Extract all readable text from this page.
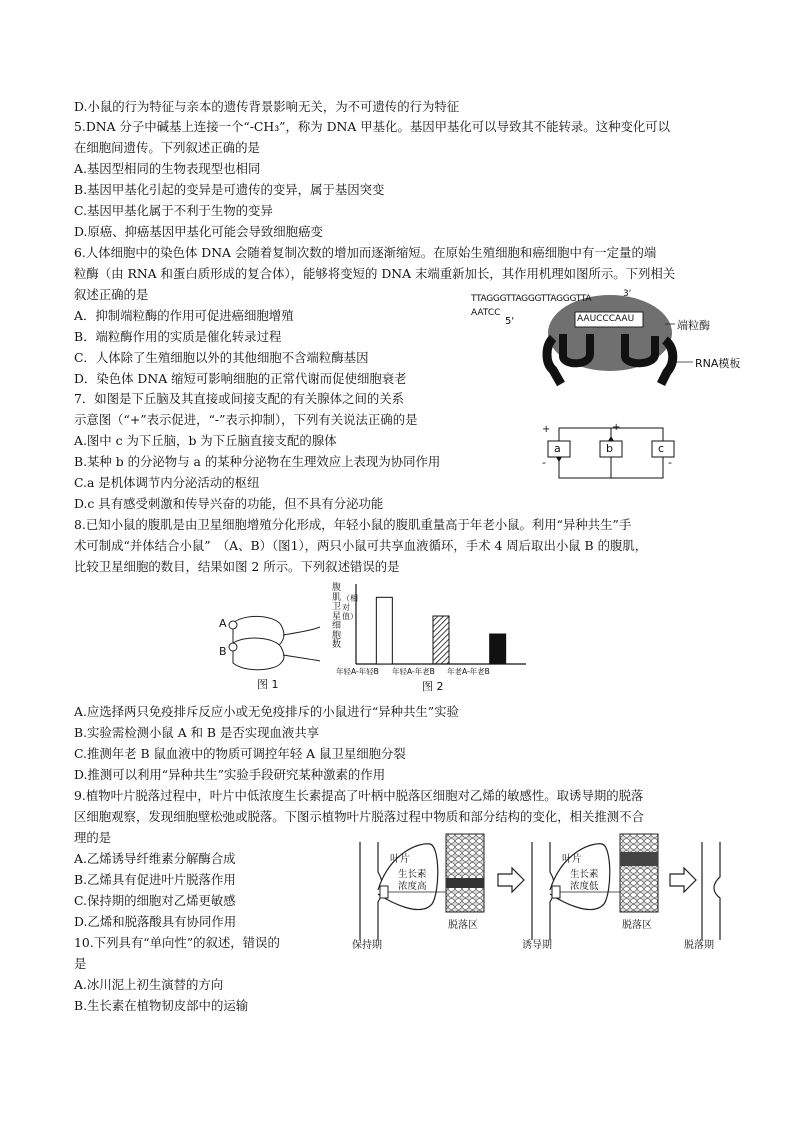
D.小鼠的行为特征与亲本的遗传背景影响无关，为不可遗传的行为特征
5.DNA 分子中碱基上连接一个“-CH₃”，称为 DNA 甲基化。基因甲基化可以导致其不能转录。这种变化可以
在细胞间遗传。下列叙述正确的是
A.基因型相同的生物表现型也相同
B.基因甲基化引起的变异是可遗传的变异，属于基因突变
C.基因甲基化属于不利于生物的变异
D.原癌、抑癌基因甲基化可能会导致细胞癌变
6.人体细胞中的染色体 DNA 会随着复制次数的增加而逐渐缩短。在原始生殖细胞和癌细胞中有一定量的端
粒酶（由 RNA 和蛋白质形成的复合体），能够将变短的 DNA 末端重新加长，其作用机理如图所示。下列相关
叙述正确的是
A．抑制端粒酶的作用可促进癌细胞增殖
B．端粒酶作用的实质是催化转录过程
C．人体除了生殖细胞以外的其他细胞不含端粒酶基因
D．染色体 DNA 缩短可影响细胞的正常代谢而促使细胞衰老
7．如图是下丘脑及其直接或间接支配的有关腺体之间的关系
示意图（“+”表示促进，“-”表示抑制），下列有关说法正确的是
A.图中 c 为下丘脑，b 为下丘脑直接支配的腺体
B.某种 b 的分泌物与 a 的某种分泌物在生理效应上表现为协同作用
C.a 是机体调节内分泌活动的枢纽
D.c 具有感受刺激和传导兴奋的功能，但不具有分泌功能
8.已知小鼠的腹肌是由卫星细胞增殖分化形成，年轻小鼠的腹肌重量高于年老小鼠。利用“异种共生”手
术可制成“并体结合小鼠”　（A、B）（图1），两只小鼠可共享血液循环，手术 4 周后取出小鼠 B 的腹肌，
比较卫星细胞的数目，结果如图 2 所示。下列叙述错误的是
A.应选择两只免疫排斥反应小或无免疫排斥的小鼠进行“异种共生”实验
B.实验需检测小鼠 A 和 B 是否实现血液共享
C.推测年老 B 鼠血液中的物质可调控年轻 A 鼠卫星细胞分裂
D.推测可以利用“异种共生”实验手段研究某种激素的作用
9.植物叶片脱落过程中，叶片中低浓度生长素提高了叶柄中脱落区细胞对乙烯的敏感性。取诱导期的脱落
区细胞观察，发现细胞壁松弛或脱落。下图示植物叶片脱落过程中物质和部分结构的变化，相关推测不合
理的是
A.乙烯诱导纤维素分解酶合成
B.乙烯具有促进叶片脱落作用
C.保持期的细胞对乙烯更敏感
D.乙烯和脱落酸具有协同作用
10.下列具有“单向性”的叙述，错误的
是
A.冰川泥上初生演替的方向
B.生长素在植物韧皮部中的运输
TTAGGGTTAGGGTTAGGGTTA	3'
AATCC
5'	AAUCCCAAU	端粒酶
RNA模板
a	b	c
+	+
-	-
A
B
图 1
腹肌卫星细胞数
（相对值）
年轻A-年轻B 年轻A-年老B 年老A-年老B
图 2
叶片
生长素
浓度高
叶片
生长素
浓度低
脱落区	脱落区
保持期	诱导期	脱落期
